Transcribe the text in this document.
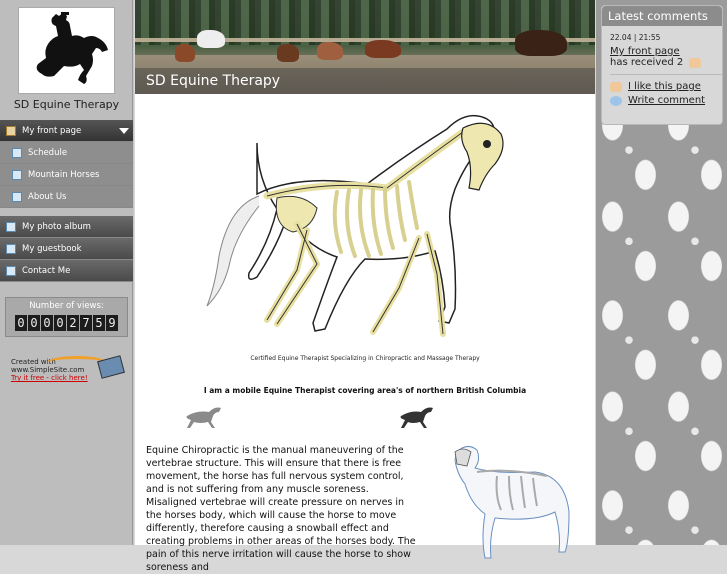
SD Equine Therapy
My front page
Schedule
Mountain Horses
About Us
My photo album
My guestbook
Contact Me
Number of views:
0 0 0 0 2 7 5 9
Created with
www.SimpleSite.com
Try it free - click here!
SD Equine Therapy
Certified Equine Therapist Specializing in Chiropractic and Massage Therapy
I am a mobile Equine Therapist covering area's of northern British Columbia
Equine Chiropractic is the manual maneuvering of the vertebrae structure. This will ensure that there is free movement, the horse has full nervous system control, and is not suffering from any muscle soreness. Misaligned vertebrae will create pressure on nerves in the horses body, which will cause the horse to move differently, therefore causing a snowball effect and creating problems in other areas of the horses body. The pain of this nerve irritation will cause the horse to show soreness and
Latest comments
22.04 | 21:55
My front page
has received 2
I like this page
Write comment
